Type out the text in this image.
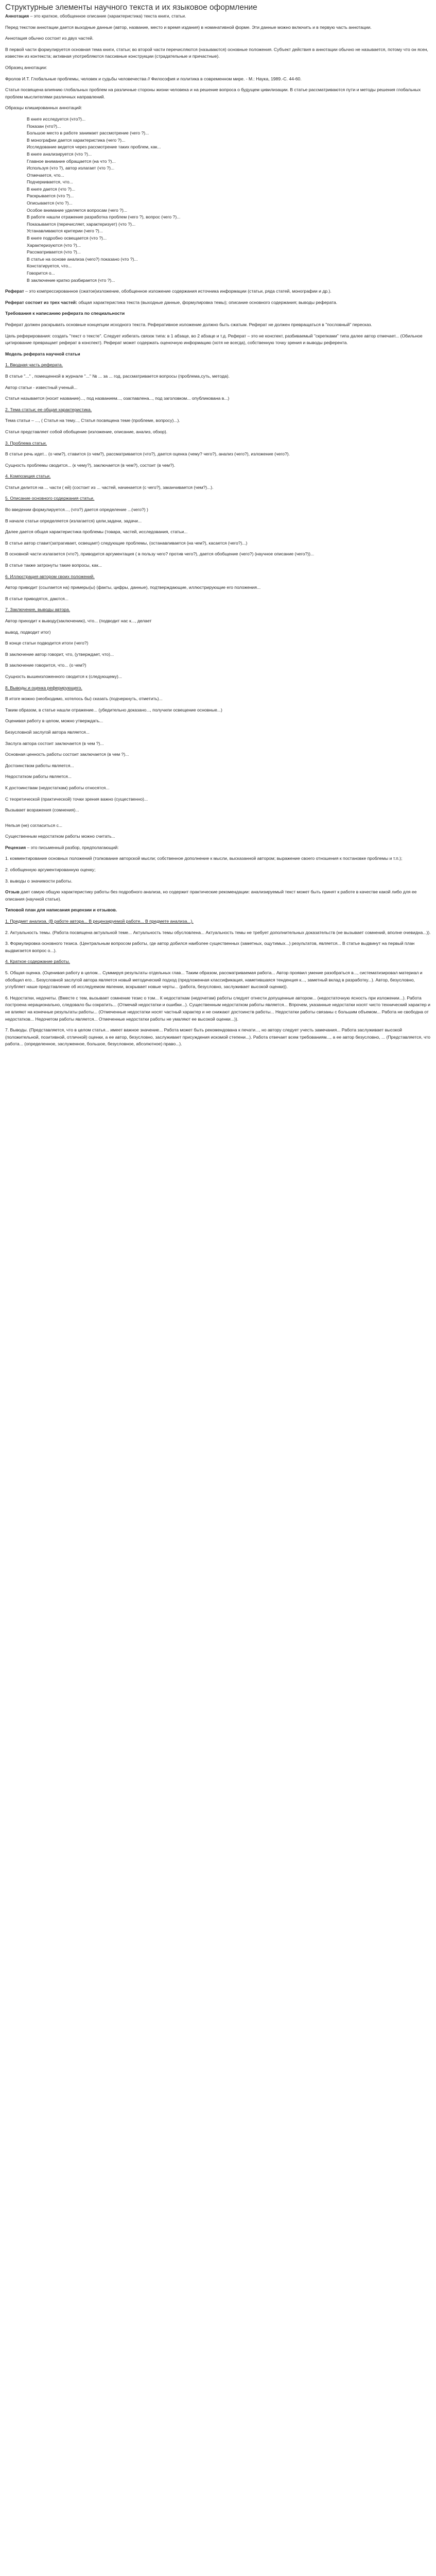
Структурные элементы научного текста и их языковое оформление

Аннотация – это краткое, обобщенное описание (характеристика) текста книги, статьи.

Перед текстом аннотации дается выходные данные (автор, название, место и время издания) в номинативной форме. Эти данные можно включить и в первую часть аннотации.

Аннотация обычно состоит из двух частей.

В первой части формулируется основная тема книги, статьи; во второй части перечисляются (называются) основные положения. Субъект действия в аннотации обычно не называется, потому что он ясен, известен из контекста; активная употребляются пассивные конструкции (страдательные и причастные).

Образец аннотации:

Фролов И.Т. Глобальные проблемы, человек и судьбы человечества // Философия и политика в современном мире. - М.: Наука, 1989.-С. 44-60.

Статья посвящена влиянию глобальных проблем на различные стороны жизни человека и на решение вопроса о будущем цивилизации. В статье рассматриваются пути и методы решения глобальных проблем мыслителями различных направлений.

Образцы клишированных аннотаций:

В книге исследуется (что?)...

Показан (что?)...

Большое место в работе занимает рассмотрение (чего ?)...

В монографии дается характеристика (чего ?)...

Исследование ведется через рассмотрение таких проблем, как...

В книге анализируется (что ?)...

Главное внимание обращается (на что ?)...

Используя (что ?), автор излагает (что ?)...

Отмечается, что...

Подчеркивается, что...

В книге дается (что ?)...

Раскрывается (что ?)...

Описывается (что ?)...

Особое внимание уделяется вопросам (чего ?)...

В работе нашли отражение разработка проблем (чего ?), вопрос (чего ?)...

Показывается (перечисляет, характеризует) (что ?)...

Устанавливаются критерии (чего ?)...

В книге подробно освещается (что ?)...

Характеризуются (что ?)...

Рассматривается (что ?)...

В статье на основе анализа (чего?) показано (что ?)...

Констатируется, что...

Говорится о...

В заключение кратко разбирается (что ?)...

Реферат – это компрессированное (сжатое)изложение, обобщенное изложение содержания источника информации (статьи, ряда статей, монографии и др.).

Реферат состоит из трех частей: общая характеристика текста (выходные данные, формулировка темы); описание основного содержания; выводы реферата.

Требования к написанию реферата по специальности

Реферат должен раскрывать основные концепции исходного текста. Реферативное изложение должно быть сжатым. Реферат не должен превращаться в "пословный" пересказ.

Цель реферирования: создать "текст о тексте". Следует избегать связок типа: в 1 абзаце, во 2 абзаце и т.д. Реферат – это не конспект, разбиваемый "скрепками" типа далее автор отмечает... (Обильное цитирование превращает реферат в конспект). Реферат может содержать оценочную информацию (хотя не всегда), собственную точку зрения и выводы референта.

Модель реферата научной статьи

1. Вводная часть реферата.

В статье "..." , помещенной в журнале "..." № ... за ... год, рассматривается вопросы (проблема,суть, метода).

Автор статьи - известный ученый...

Статья называется (носит название)..., под названием..., озаглавлена..., под заголовком... опубликована в...)

2. Тема статьи; ее общая характеристика.

Тема статьи – ..., ( Статья на тему..., Статья посвящена теме (проблеме, вопросу)...).

Статья представляет собой обобщение (изложение, описание, анализ, обзор).

3. Проблема статьи.

В статье речь идет... (о чем?), ставится (о чем?), рассматривается (что?), дается оценка (чему? чего?), анализ (чего?), изложение (чего?).

Сущность проблемы сводится... (к чему?), заключается (в чем?), состоит (в чем?).

4. Композиция статьи.

Статья делится на ... части ( ей) (состоит из ... частей, начинается (с чего?), заканчивается (чем?)...).

5. Описание основного содержания статьи.

Во введении формулируется..., (что?) дается определение ...(чего?) )

В начале статьи определяется (излагается) цели,задачи, задачи...

Далее дается общая характеристика проблемы (товара, частей, исследования, статьи...

В статье автор ставит(затрагивает, освещает) следующие проблемы, (останавливается (на чем?), касается (чего?)...)

В основной части излагается (что?), приводится аргументация ( в пользу чего? против чего?), дается обобщение (чего?) (научное описание (чего?))...

В статье также затронуты такие вопросы, как...

6. Иллюстрация автором своих положений.

Автор приводит (ссылается на) примеры(ы) (факты, цифры, данные), подтверждающие, иллюстрирующие его положения...

В статье приводятся, даются...

7. Заключение, выводы автора.

Автор приходит к выводу(заключению), что... (подводит нас к..., делает

вывод, подводит итог)

В конце статьи подводится итоги (чего?)

В заключение автор говорит, что, (утверждает, что)...

В заключение говорится, что... (о чем?)

Сущность вышеизложенного сводится к (следующему)...

8. Выводы и оценка реферирующего.

В итоге можно (необходимо, хотелось бы) сказать (подчеркнуть, отметить)...

Таким образом, в статье нашли отражение... (убедительно доказано..., получили освещение основные...)

Оценивая работу в целом, можно утверждать...

Безусловной заслугой автора является...

Заслуга автора состоит заключается (в чем ?)...

Основная ценность работы состоит заключается (в чем ?)...

Достоинством работы является...

Недостатком работы является...

К достоинствам (недостаткам) работы относятся...

С теоретической (практической) точки зрения важно (существенно)...

Вызывает возражения (сомнения)...

Нельзя (не) согласиться с...

Существенным недостатком работы можно считать...

Рецензия – это письменный разбор, предполагающий:

1. комментирование основных положений (толкование авторской мысли; собственное дополнение к мысли, высказанной автором; выражение своего отношения к постановке проблемы и т.п.);

2. обобщенную аргументированную оценку;

3. выводы о значимости работы.

Отзыв дает самую общую характеристику работы без подробного анализа, но содержит практические рекомендации: анализируемый текст может быть принят к работе в качестве какой либо для ее описания (научной статье).

Типовой план для написания рецензии и отзывов.

1. Предмет анализа. (В работе автора... В рецензируемой работе... В предмете анализа...).

2. Актуальность темы. (Работа посвящена актуальной теме... Актуальность темы обусловлена... Актуальность темы не требует дополнительных доказательств (не вызывает сомнений, вполне очевидна...)).

3. Формулировка основного тезиса. (Центральным вопросом работы, где автор добился наиболее существенных (заметных, ощутимых...) результатов, является... В статье выдвинут на первый план выдвигается вопрос о...).

4. Краткое содержание работы.

5. Общая оценка. (Оценивая работу в целом... Суммируя результаты отдельных глав... Таким образом, рассматриваемая работа... Автор проявил умение разобраться в..., систематизировал материал и обобщил его... Безусловной заслугой автора является новый методический подход (предложенная классификация, наметившаяся тенденция к..., заметный вклад в разработку...). Автор, безусловно, углубляет наше представление об исследуемом явлении, вскрывает новые черты... (работа, безусловно, заслуживает высокой оценки)).

6. Недостатки, недочеты. (Вместе с тем, вызывает сомнение тезис о том... К недостаткам (недочетам) работы следует отнести допущенные автором... (недостаточную ясность при изложении...). Работа построена нерационально, следовало бы сократить... (Отмечай недостатки и ошибки...). Существенным недостатком работы является... Впрочем, указанные недостатки носят чисто технический характер и не влияют на конечные результаты работы... (Отмеченные недостатки носят частный характер и не снижают достоинств работы... Недостатки работы связаны с большим объемом... Работа не свободна от недостатков... Недочетом работы является... Отмеченные недостатки работы не умаляют ее высокой оценки...)).

7. Выводы. (Представляется, что в целом статья... имеет важное значение... Работа может быть рекомендована к печати..., но автору следует учесть замечания... Работа заслуживает высокой (положительной, позитивной, отличной) оценки, а ее автор, безусловно, заслуживает присуждения искомой степени...). Работа отвечает всем требованиям..., а ее автор безусловно, ... (Представляется, что работа... (определенное, заслуженное, большое, безусловное, абсолютное) право...).
